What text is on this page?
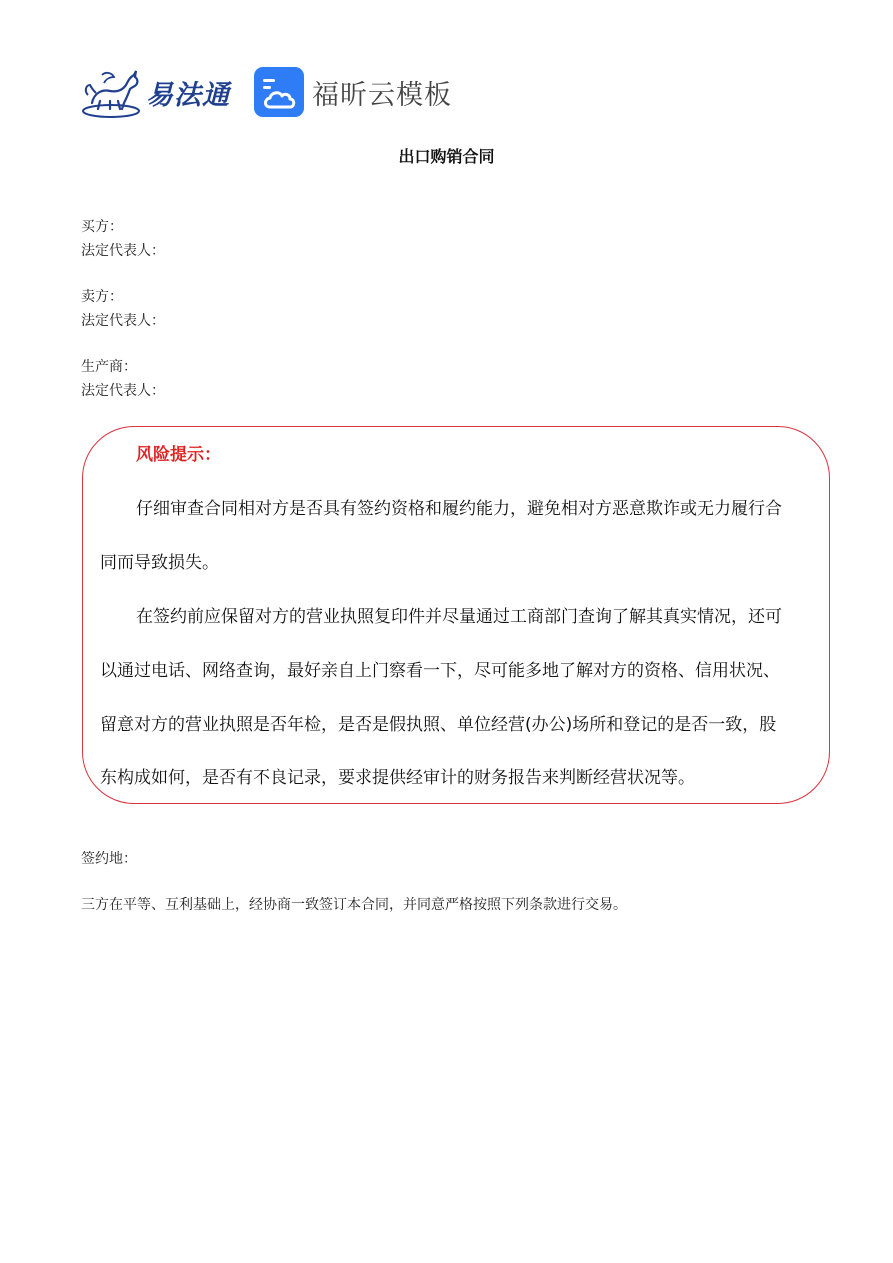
易法通	福昕云模板
出口购销合同
买方：
法定代表人：
卖方：
法定代表人：
生产商：
法定代表人：
风险提示：
仔细审查合同相对方是否具有签约资格和履约能力，避免相对方恶意欺诈或无力履行合
同而导致损失。
在签约前应保留对方的营业执照复印件并尽量通过工商部门查询了解其真实情况，还可
以通过电话、网络查询，最好亲自上门察看一下，尽可能多地了解对方的资格、信用状况、
留意对方的营业执照是否年检，是否是假执照、单位经营(办公)场所和登记的是否一致，股
东构成如何，是否有不良记录，要求提供经审计的财务报告来判断经营状况等。
签约地：
三方在平等、互利基础上，经协商一致签订本合同，并同意严格按照下列条款进行交易。
